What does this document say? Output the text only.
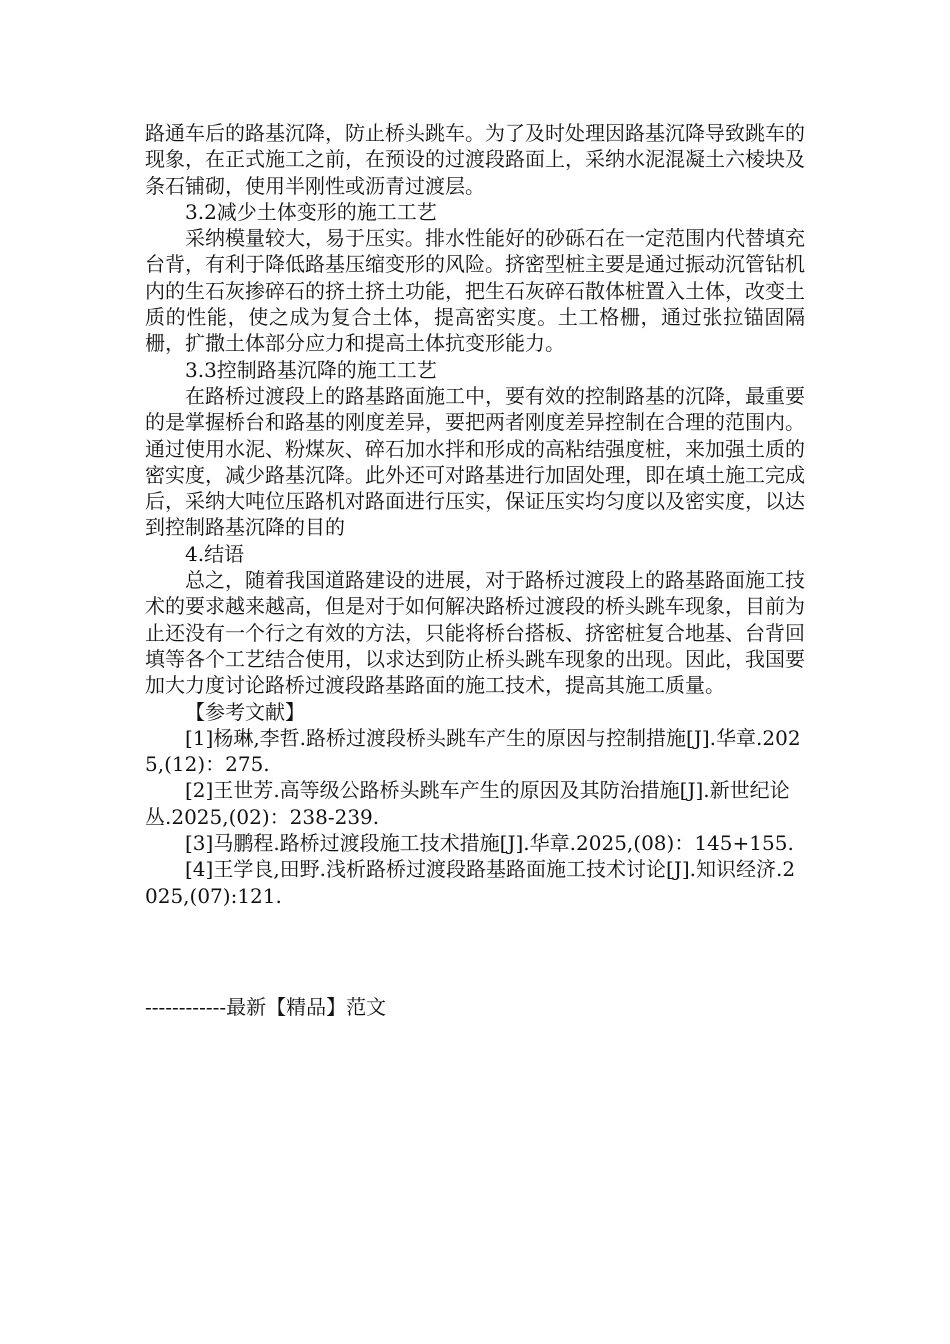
路通车后的路基沉降，防止桥头跳车。为了及时处理因路基沉降导致跳车的现象，在正式施工之前，在预设的过渡段路面上，采纳水泥混凝土六棱块及条石铺砌，使用半刚性或沥青过渡层。

3.2减少土体变形的施工工艺

采纳模量较大，易于压实。排水性能好的砂砾石在一定范围内代替填充台背，有利于降低路基压缩变形的风险。挤密型桩主要是通过振动沉管钻机内的生石灰掺碎石的挤土挤土功能，把生石灰碎石散体桩置入土体，改变土质的性能，使之成为复合土体，提高密实度。土工格栅，通过张拉锚固隔栅，扩撒土体部分应力和提高土体抗变形能力。

3.3控制路基沉降的施工工艺

在路桥过渡段上的路基路面施工中，要有效的控制路基的沉降，最重要的是掌握桥台和路基的刚度差异，要把两者刚度差异控制在合理的范围内。通过使用水泥、粉煤灰、碎石加水拌和形成的高粘结强度桩，来加强土质的密实度，减少路基沉降。此外还可对路基进行加固处理，即在填土施工完成后，采纳大吨位压路机对路面进行压实，保证压实均匀度以及密实度，以达到控制路基沉降的目的

4.结语

总之，随着我国道路建设的进展，对于路桥过渡段上的路基路面施工技术的要求越来越高，但是对于如何解决路桥过渡段的桥头跳车现象，目前为止还没有一个行之有效的方法，只能将桥台搭板、挤密桩复合地基、台背回填等各个工艺结合使用，以求达到防止桥头跳车现象的出现。因此，我国要加大力度讨论路桥过渡段路基路面的施工技术，提高其施工质量。

【参考文献】

[1]杨琳,李哲.路桥过渡段桥头跳车产生的原因与控制措施[J].华章.2025,(12)：275.

[2]王世芳.高等级公路桥头跳车产生的原因及其防治措施[J].新世纪论丛.2025,(02)：238-239.

[3]马鹏程.路桥过渡段施工技术措施[J].华章.2025,(08)：145+155.

[4]王学良,田野.浅析路桥过渡段路基路面施工技术讨论[J].知识经济.2025,(07):121.

------------最新【精品】范文
